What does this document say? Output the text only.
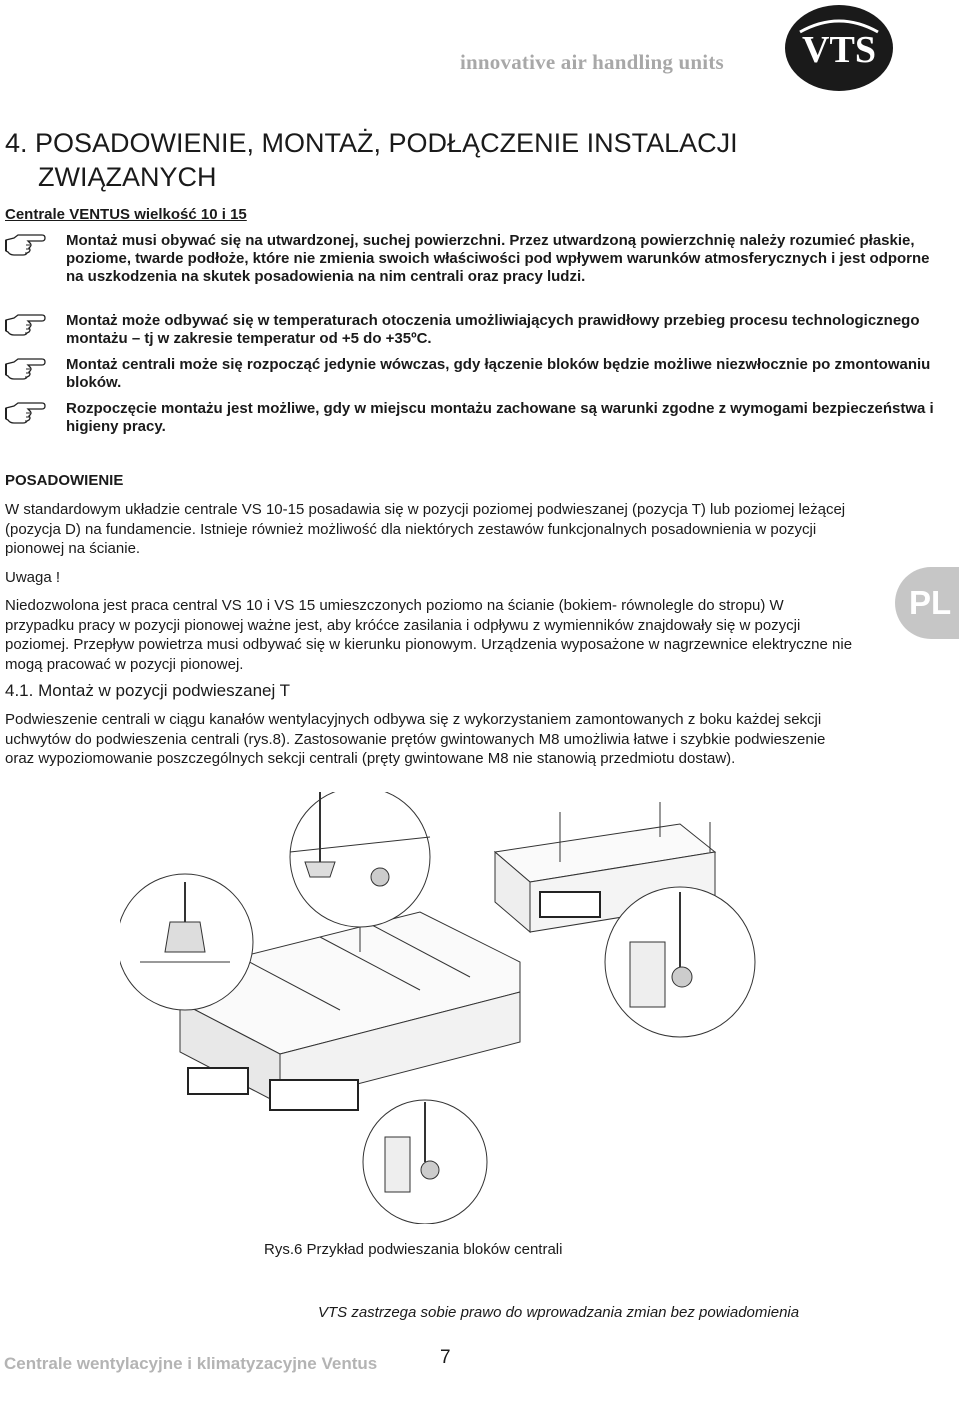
innovative air handling units VTS
4. POSADOWIENIE, MONTAŻ, PODŁĄCZENIE INSTALACJI
ZWIĄZANYCH
Centrale VENTUS wielkość 10 i 15
Montaż musi obywać się na utwardzonej, suchej powierzchni. Przez utwardzoną powierzchnię należy rozumieć płaskie, poziome, twarde podłoże, które nie zmienia swoich właściwości pod wpływem warunków atmosferycznych i jest odporne na uszkodzenia na skutek posadowienia na nim centrali oraz pracy ludzi.
Montaż może odbywać się w temperaturach otoczenia umożliwiających prawidłowy przebieg procesu technologicznego montażu – tj w zakresie temperatur od +5 do +35ºC.
Montaż centrali może się rozpocząć jedynie wówczas, gdy łączenie bloków będzie możliwe niezwłocznie po zmontowaniu bloków.
Rozpoczęcie montażu jest możliwe, gdy w miejscu montażu zachowane są warunki zgodne z wymogami bezpieczeństwa i higieny pracy.
POSADOWIENIE
W standardowym układzie centrale VS 10-15 posadawia się w pozycji poziomej podwieszanej (pozycja T) lub poziomej leżącej (pozycja D) na fundamencie. Istnieje również możliwość dla niektórych zestawów funkcjonalnych posadownienia w pozycji pionowej na ścianie.
Uwaga !
Niedozwolona jest praca central VS 10 i VS 15 umieszczonych poziomo na ścianie (bokiem- równolegle do stropu) W przypadku pracy w pozycji pionowej ważne jest, aby króćce zasilania i odpływu z wymienników znajdowały się w pozycji poziomej. Przepływ powietrza musi odbywać się w kierunku pionowym. Urządzenia wyposażone w nagrzewnice elektryczne nie mogą pracować w pozycji pionowej.
4.1. Montaż w pozycji podwieszanej T
Podwieszenie centrali w ciągu kanałów wentylacyjnych odbywa się z wykorzystaniem zamontowanych z boku każdej sekcji uchwytów do podwieszenia centrali (rys.8). Zastosowanie prętów gwintowanych M8 umożliwia łatwe i szybkie podwieszenie oraz wypoziomowanie poszczególnych sekcji centrali (pręty gwintowane M8 nie stanowią przedmiotu dostaw).
PL
Rys.6 Przykład podwieszania bloków centrali
VTS zastrzega sobie prawo do wprowadzania zmian bez powiadomienia
Centrale wentylacyjne i klimatyzacyjne Ventus	7
